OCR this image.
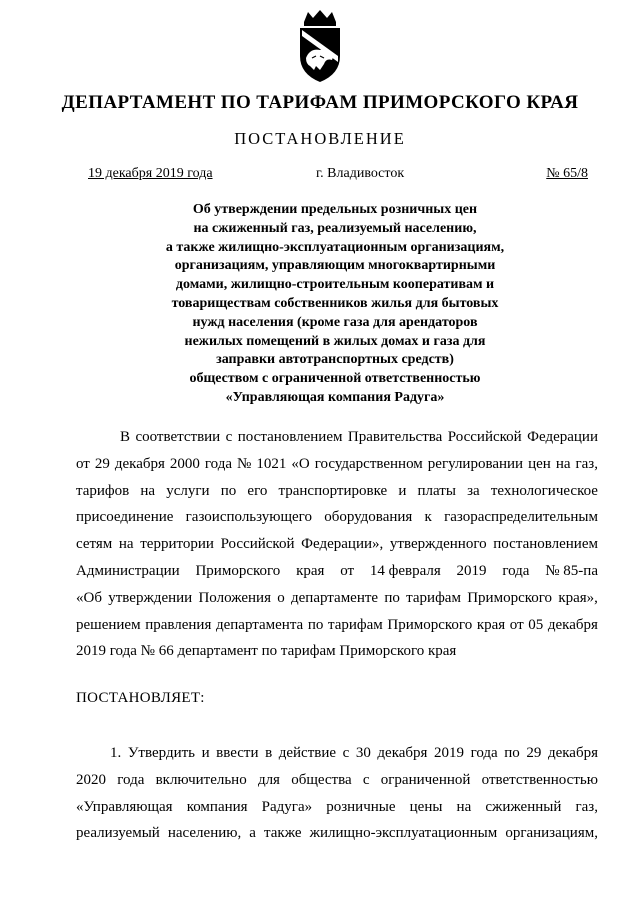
ДЕПАРТАМЕНТ ПО ТАРИФАМ ПРИМОРСКОГО КРАЯ
ПОСТАНОВЛЕНИЕ
19 декабря 2019 года	г. Владивосток	№ 65/8
Об утверждении предельных розничных цен
на сжиженный газ, реализуемый населению,
а также жилищно-эксплуатационным организациям,
организациям, управляющим многоквартирными
домами, жилищно-строительным кооперативам и
товариществам собственников жилья для бытовых
нужд населения (кроме газа для арендаторов
нежилых помещений в жилых домах и газа для
заправки автотранспортных средств)
обществом с ограниченной ответственностью
«Управляющая компания Радуга»
В соответствии с постановлением Правительства Российской Федерации
от 29 декабря 2000 года № 1021 «О государственном регулировании цен на газ,
тарифов на услуги по его транспортировке и платы за технологическое
присоединение газоиспользующего оборудования к газораспределительным
сетям на территории Российской Федерации», утвержденного постановлением
Администрации Приморского края от 14 февраля 2019 года № 85-па
«Об утверждении Положения о департаменте по тарифам Приморского края»,
решением правления департамента по тарифам Приморского края от 05 декабря
2019 года № 66 департамент по тарифам Приморского края
ПОСТАНОВЛЯЕТ:
1. Утвердить и ввести в действие с 30 декабря 2019 года по 29 декабря
2020 года включительно для общества с ограниченной ответственностью
«Управляющая компания Радуга» розничные цены на сжиженный газ,
реализуемый населению, а также жилищно-эксплуатационным организациям,
